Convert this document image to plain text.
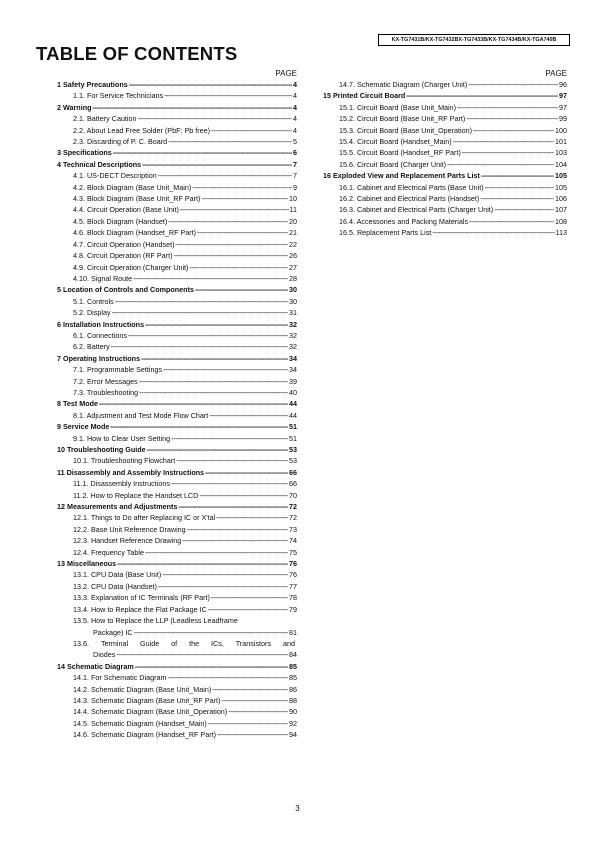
KX-TG7431B/KX-TG7432BX-TG7433B/KX-TG7434B/KX-TGA740B
TABLE OF CONTENTS
PAGE
1 Safety Precautions -----	4
1.1. For Service Technicians -----	4
2 Warning -----	4
2.1. Battery Caution -----	4
2.2. About Lead Free Solder (PbF: Pb free) -----	4
2.3. Discarding of P. C. Board -----	5
3 Specifications -----	6
4 Technical Descriptions -----	7
4.1. US-DECT Description -----	7
4.2. Block Diagram (Base Unit_Main) -----	9
4.3. Block Diagram (Base Unit_RF Part) -----	10
4.4. Circuit Operation (Base Unit) -----	11
4.5. Block Diagram (Handset) -----	20
4.6. Block Diagram (Handset_RF Part) -----	21
4.7. Circuit Operation (Handset) -----	22
4.8. Circuit Operation (RF Part) -----	26
4.9. Circuit Operation (Charger Unit) -----	27
4.10. Signal Route -----	28
5 Location of Controls and Components -----	30
5.1. Controls -----	30
5.2. Display -----	31
6 Installation Instructions -----	32
6.1. Connections -----	32
6.2. Battery -----	32
7 Operating Instructions -----	34
7.1. Programmable Settings -----	34
7.2. Error Messages -----	39
7.3. Troubleshooting -----	40
8 Test Mode -----	44
8.1. Adjustment and Test Mode Flow Chart -----	44
9 Service Mode -----	51
9.1. How to Clear User Setting -----	51
10 Troubleshooting Guide -----	53
10.1. Troubleshooting Flowchart -----	53
11 Disassembly and Assembly Instructions -----	66
11.1. Disassembly Instructions -----	66
11.2. How to Replace the Handset LCD -----	70
12 Measurements and Adjustments -----	72
12.1. Things to Do after Replacing IC or X'tal -----	72
12.2. Base Unit Reference Drawing -----	73
12.3. Handset Reference Drawing -----	74
12.4. Frequency Table -----	75
13 Miscellaneous -----	76
13.1. CPU Data (Base Unit) -----	76
13.2. CPU Data (Handset) -----	77
13.3. Explanation of IC Terminals (RF Part) -----	78
13.4. How to Replace the Flat Package IC -----	79
13.5. How to Replace the LLP (Leadless Leadframe
Package) IC -----	81
13.6. Terminal Guide of the ICs, Transistors and
Diodes -----	84
14 Schematic Diagram -----	85
14.1. For Schematic Diagram -----	85
14.2. Schematic Diagram (Base Unit_Main) -----	86
14.3. Schematic Diagram (Base Unit_RF Part) -----	88
14.4. Schematic Diagram (Base Unit_Operation) -----	90
14.5. Schematic Diagram (Handset_Main) -----	92
14.6. Schematic Diagram (Handset_RF Part) -----	94
PAGE
14.7. Schematic Diagram (Charger Unit) -----	96
15 Printed Circuit Board -----	97
15.1. Circuit Board (Base Unit_Main) -----	97
15.2. Circuit Board (Base Unit_RF Part) -----	99
15.3. Circuit Board (Base Unit_Operation) -----	100
15.4. Circuit Board (Handset_Main) -----	101
15.5. Circuit Board (Handset_RF Part) -----	103
15.6. Circuit Board (Charger Unit) -----	104
16 Exploded View and Replacement Parts List -----	105
16.1. Cabinet and Electrical Parts (Base Unit) -----	105
16.2. Cabinet and Electrical Parts (Handset) -----	106
16.3. Cabinet and Electrical Parts (Charger Unit) -----	107
16.4. Accessories and Packing Materials -----	108
16.5. Replacement Parts List -----	113
3
